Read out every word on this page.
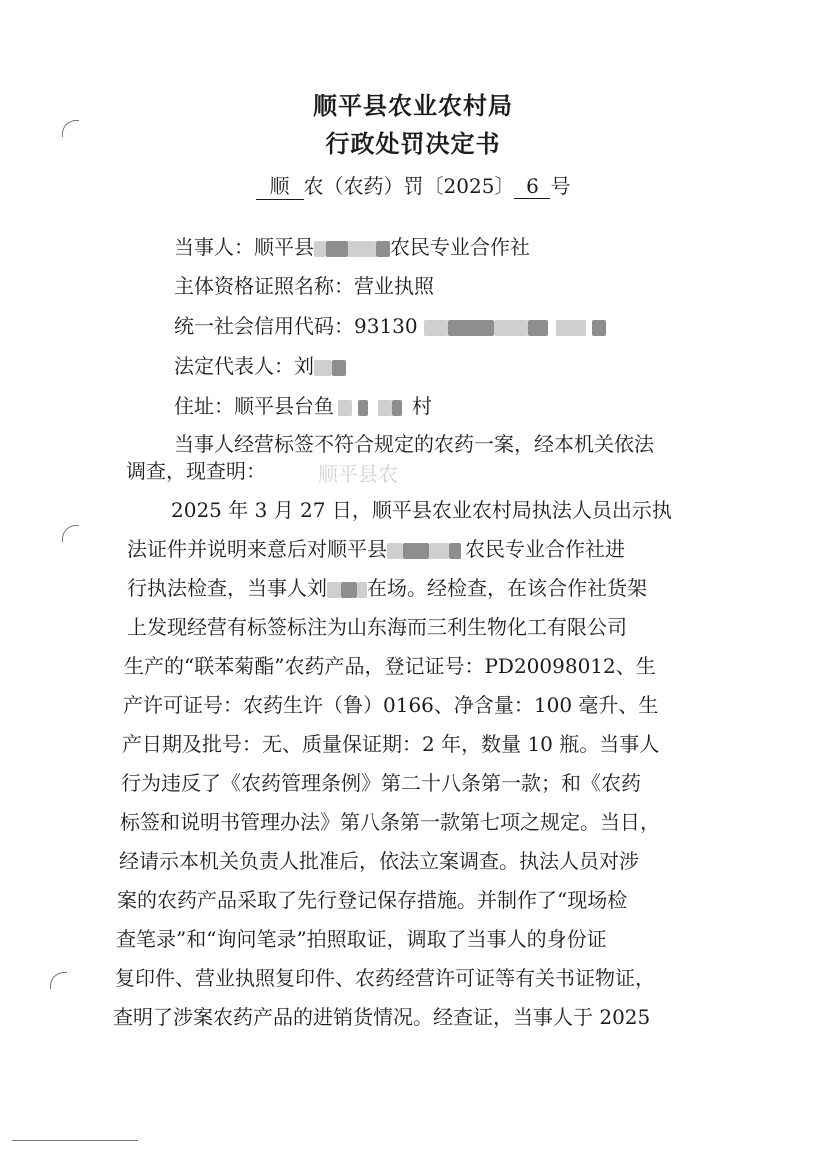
顺平县农
顺平县农业农村局
行政处罚决定书
顺 农（农药）罚〔2025〕 6 号
当事人：顺平县	农民专业合作社
主体资格证照名称：营业执照
统一社会信用代码：93130
法定代表人：刘
住址：顺平县台鱼	村
当事人经营标签不符合规定的农药一案，经本机关依法
调查，现查明：
2025 年 3 月 27 日，顺平县农业农村局执法人员出示执
法证件并说明来意后对顺平县	农民专业合作社进
行执法检查，当事人刘 在场。经检查，在该合作社货架
上发现经营有标签标注为山东海而三利生物化工有限公司
生产的“联苯菊酯”农药产品，登记证号：PD20098012、生
产许可证号：农药生许（鲁）0166、净含量：100 毫升、生
产日期及批号：无、质量保证期：2 年，数量 10 瓶。当事人
行为违反了《农药管理条例》第二十八条第一款；和《农药
标签和说明书管理办法》第八条第一款第七项之规定。当日，
经请示本机关负责人批准后，依法立案调查。执法人员对涉
案的农药产品采取了先行登记保存措施。并制作了“现场检
查笔录”和“询问笔录”拍照取证，调取了当事人的身份证
复印件、营业执照复印件、农药经营许可证等有关书证物证，
查明了涉案农药产品的进销货情况。经查证，当事人于 2025
